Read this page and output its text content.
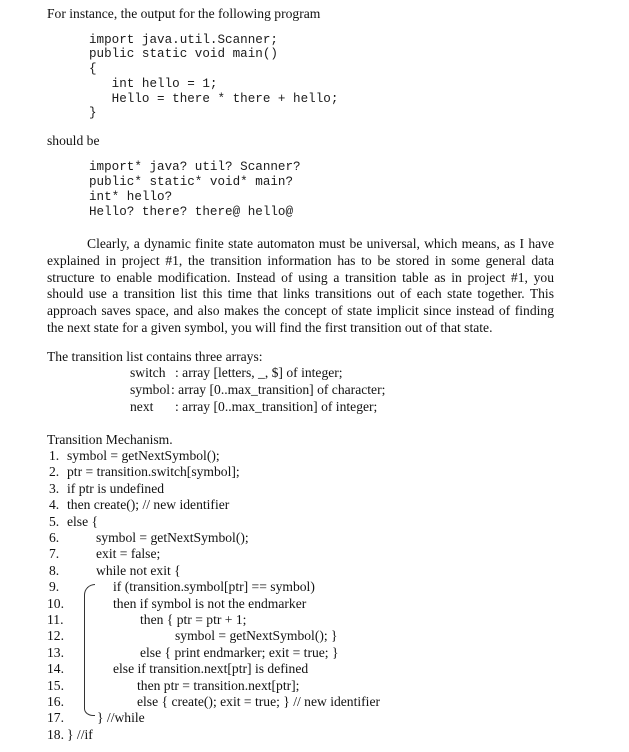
For instance, the output for the following program
import java.util.Scanner;
public static void main()
{
int hello = 1;
Hello = there * there + hello;
}
should be
import* java? util? Scanner?
public* static* void* main?
int* hello?
Hello? there? there@ hello@
Clearly, a dynamic finite state automaton must be universal, which means, as I have explained in project #1, the transition information has to be stored in some general data structure to enable modification. Instead of using a transition table as in project #1, you should use a transition list this time that links transitions out of each state together. This approach saves space, and also makes the concept of state implicit since instead of finding the next state for a given symbol, you will find the first transition out of that state.
The transition list contains three arrays:
switch : array [letters, _, $] of integer;
symbol : array [0..max_transition] of character;
next : array [0..max_transition] of integer;
Transition Mechanism.
1.
2.
3.
4.
5.
6.
7.
8.
9.
10.
11.
12.
13.
14.
15.
16.
17.
18.
symbol = getNextSymbol();
ptr = transition.switch[symbol];
if ptr is undefined
then create(); // new identifier
else {
symbol = getNextSymbol();
exit = false;
while not exit {
if (transition.symbol[ptr] == symbol)
then if symbol is not the endmarker
then { ptr = ptr + 1;
symbol = getNextSymbol(); }
else { print endmarker; exit = true; }
else if transition.next[ptr] is defined
then ptr = transition.next[ptr];
else { create(); exit = true; } // new identifier
} //while
} //if
